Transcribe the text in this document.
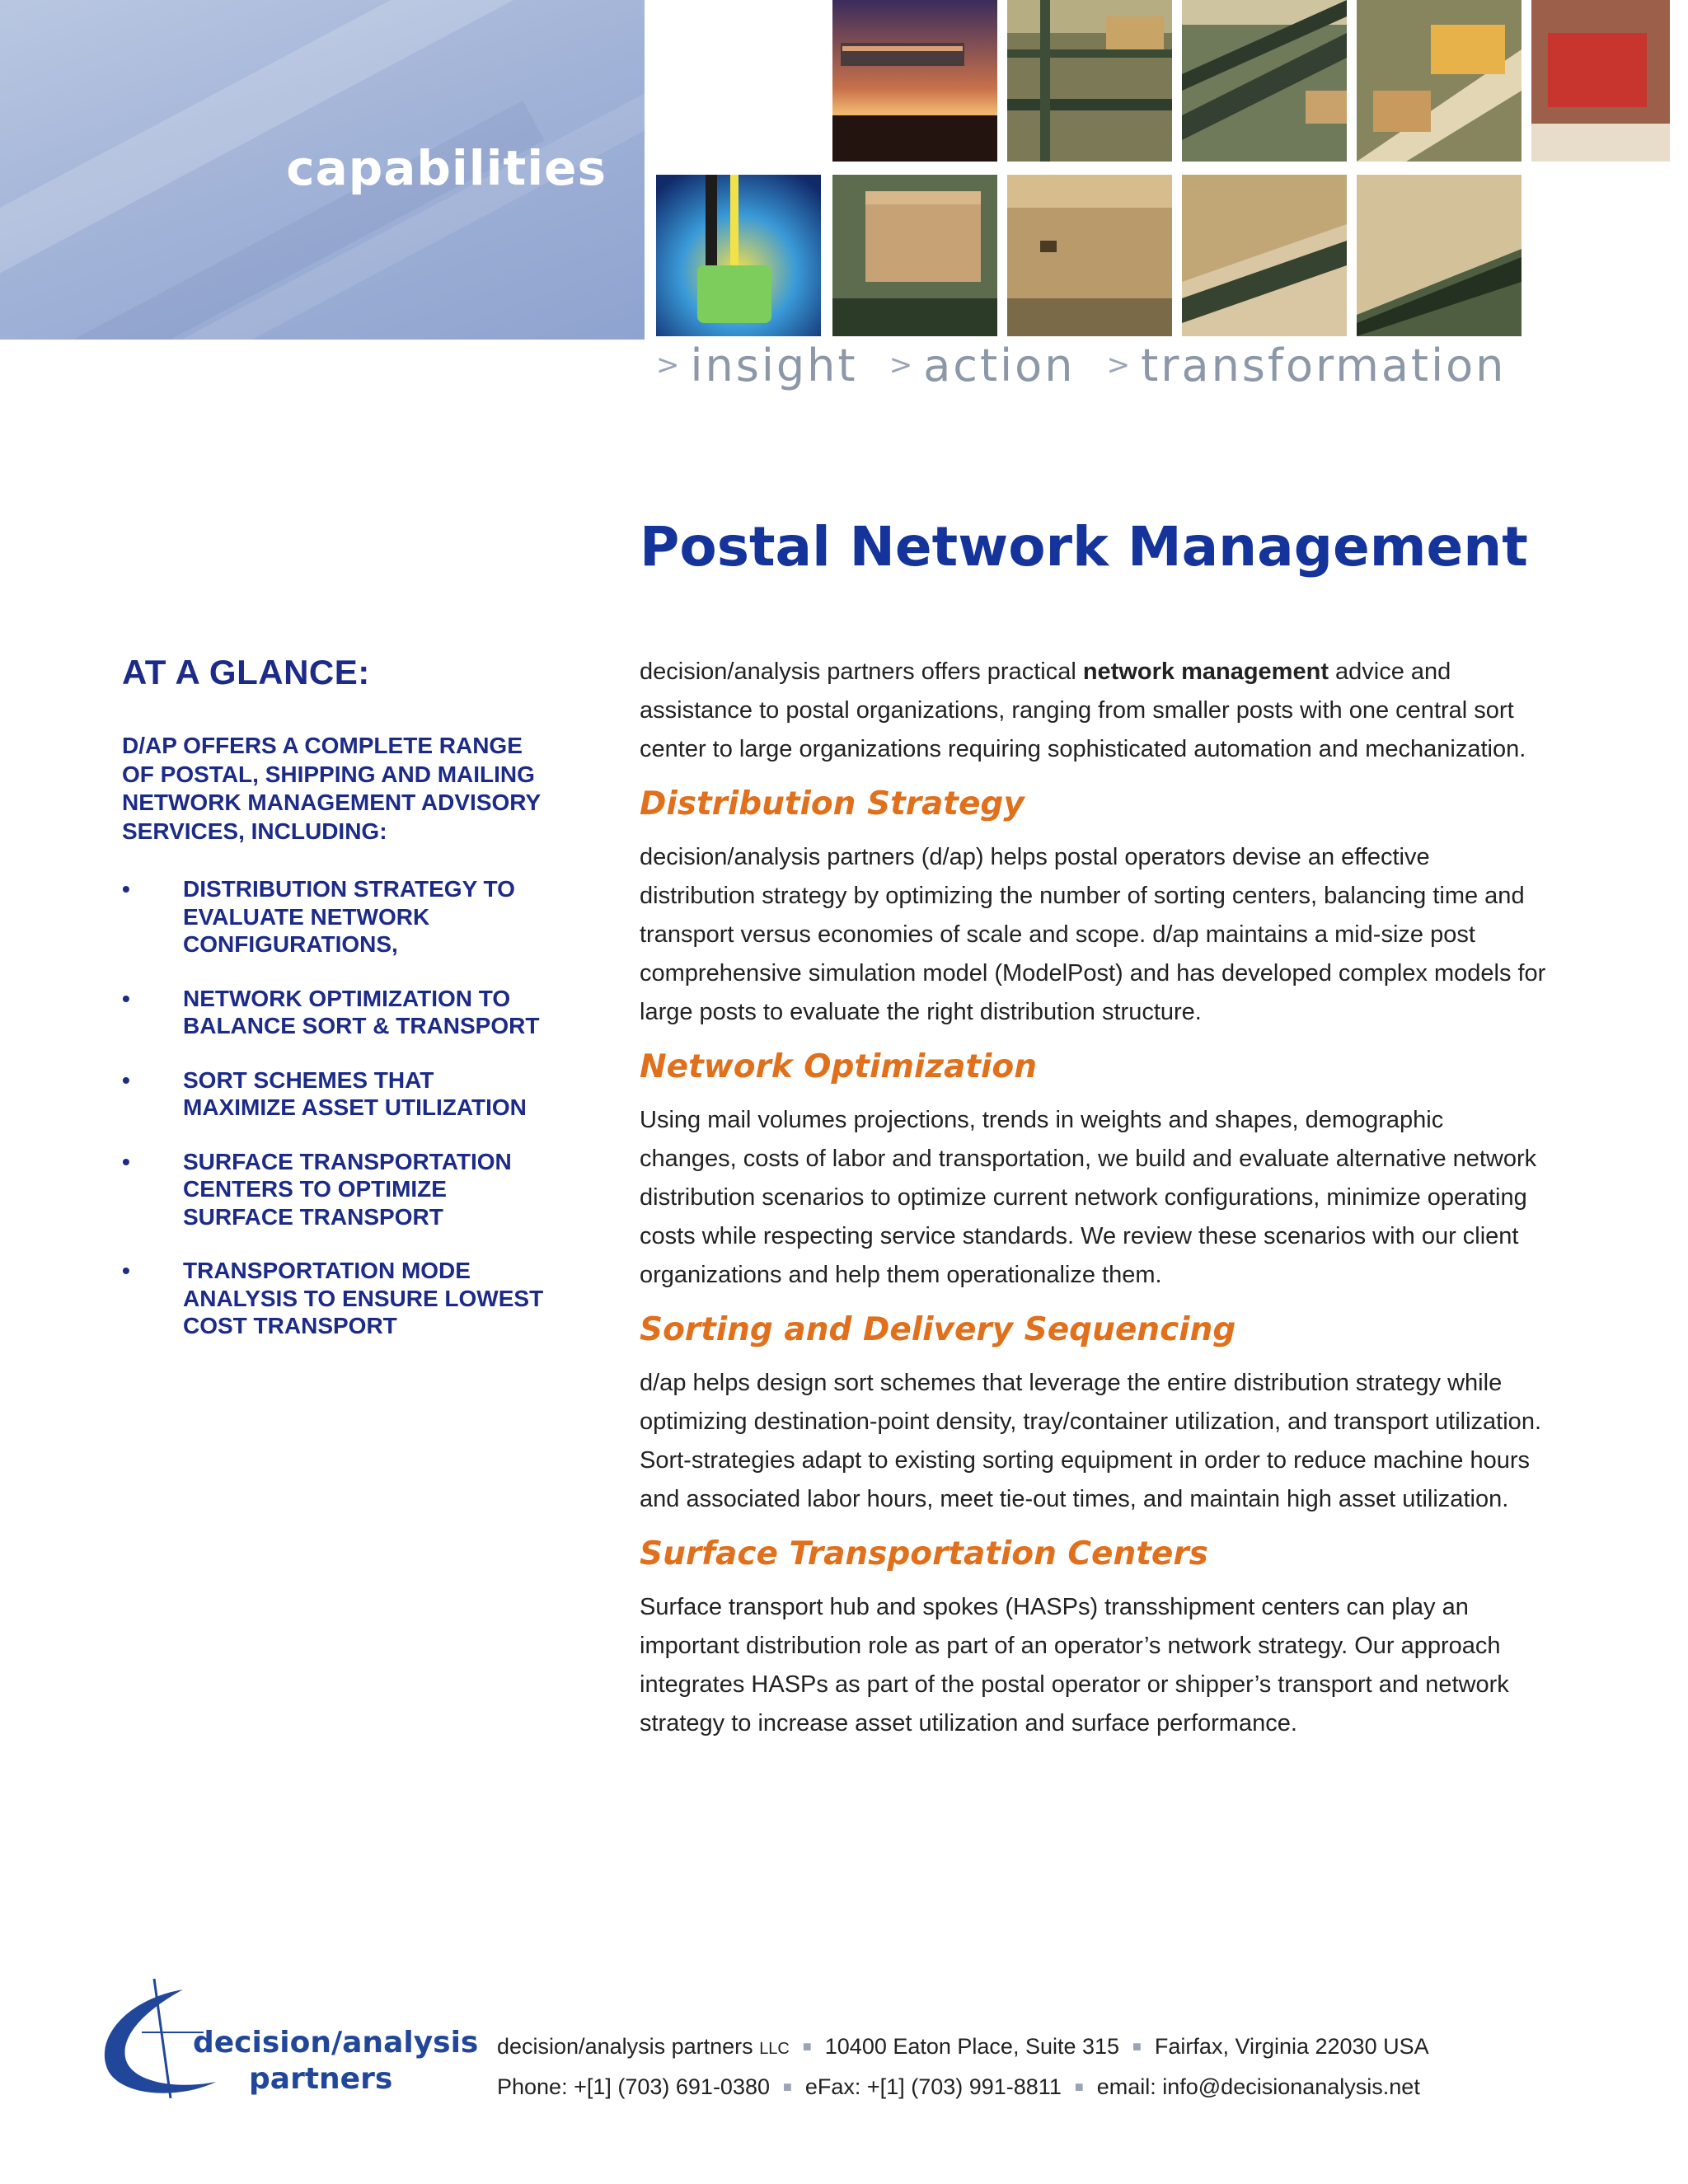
capabilities
> insight > action > transformation
Postal Network Management
AT A GLANCE:

D/AP OFFERS A COMPLETE RANGE OF POSTAL, SHIPPING AND MAILING NETWORK MANAGEMENT ADVISORY SERVICES, INCLUDING:

• DISTRIBUTION STRATEGY TO EVALUATE NETWORK CONFIGURATIONS,
• NETWORK OPTIMIZATION TO BALANCE SORT & TRANSPORT
• SORT SCHEMES THAT MAXIMIZE ASSET UTILIZATION
• SURFACE TRANSPORTATION CENTERS TO OPTIMIZE SURFACE TRANSPORT
• TRANSPORTATION MODE ANALYSIS TO ENSURE LOWEST COST TRANSPORT

decision/analysis partners offers practical network management advice and assistance to postal organizations, ranging from smaller posts with one central sort center to large organizations requiring sophisticated automation and mechanization.

Distribution Strategy

decision/analysis partners (d/ap) helps postal operators devise an effective distribution strategy by optimizing the number of sorting centers, balancing time and transport versus economies of scale and scope. d/ap maintains a mid-size post comprehensive simulation model (ModelPost) and has developed complex models for large posts to evaluate the right distribution structure.

Network Optimization

Using mail volumes projections, trends in weights and shapes, demographic changes, costs of labor and transportation, we build and evaluate alternative network distribution scenarios to optimize current network configurations, minimize operating costs while respecting service standards. We review these scenarios with our client organizations and help them operationalize them.

Sorting and Delivery Sequencing

d/ap helps design sort schemes that leverage the entire distribution strategy while optimizing destination-point density, tray/container utilization, and transport utilization. Sort-strategies adapt to existing sorting equipment in order to reduce machine hours and associated labor hours, meet tie-out times, and maintain high asset utilization.

Surface Transportation Centers

Surface transport hub and spokes (HASPs) transshipment centers can play an important distribution role as part of an operator’s network strategy. Our approach integrates HASPs as part of the postal operator or shipper’s transport and network strategy to increase asset utilization and surface performance.

decision/analysis
partners
decision/analysis partners LLC ■ 10400 Eaton Place, Suite 315 ■ Fairfax, Virginia 22030 USA
Phone: +[1] (703) 691-0380 ■ eFax: +[1] (703) 991-8811 ■ email: info@decisionanalysis.net
